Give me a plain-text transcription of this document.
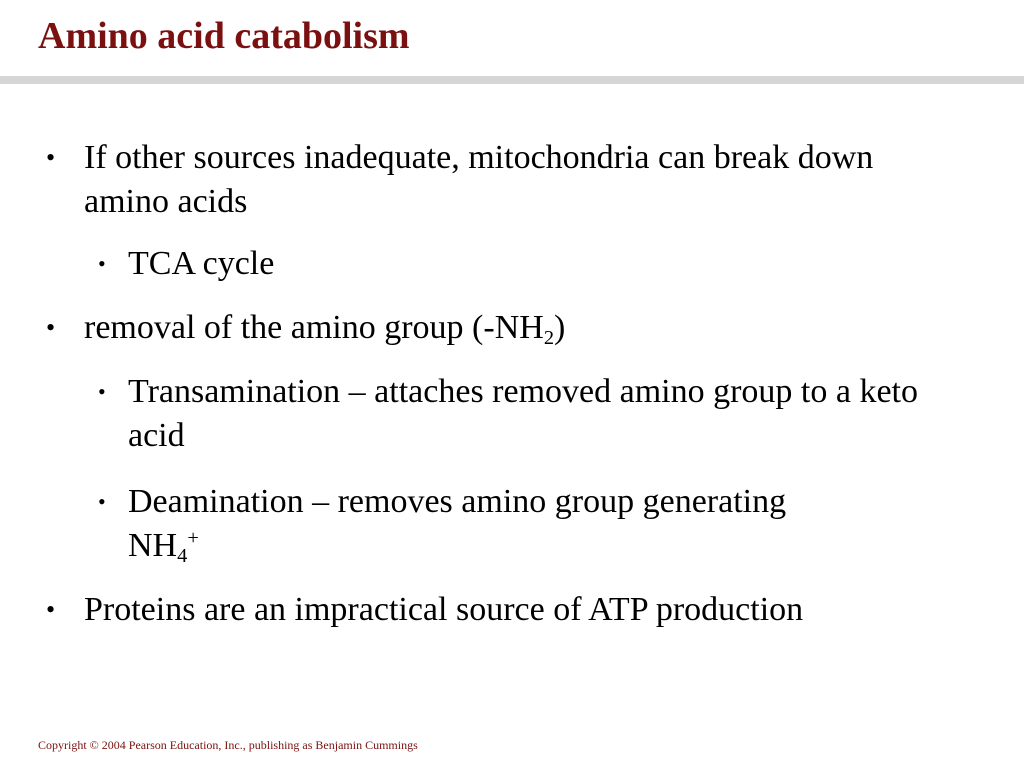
Amino acid catabolism

• If other sources inadequate, mitochondria can break down amino acids

• TCA cycle

• removal of the amino group $(-NH_2)$

• Transamination – attaches removed amino group to a keto acid

• Deamination – removes amino group generating $NH_4^+$

• Proteins are an impractical source of ATP production

Copyright © 2004 Pearson Education, Inc., publishing as Benjamin Cummings
